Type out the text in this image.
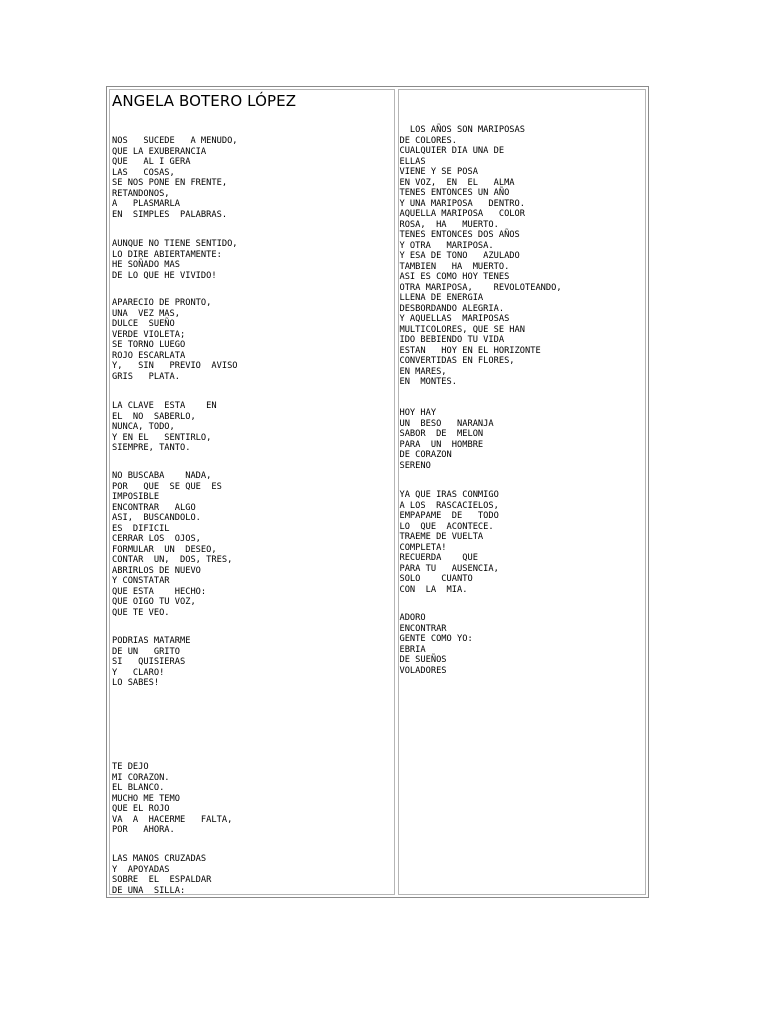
ANGELA BOTERO LÓPEZ
NOS   SUCEDE   A MENUDO,
QUE LA EXUBERANCIA
QUE   AL I GERA
LAS   COSAS,
SE NOS PONE EN FRENTE,
RETANDONOS,
A   PLASMARLA
EN  SIMPLES  PALABRAS.
AUNQUE NO TIENE SENTIDO,
LO DIRE ABIERTAMENTE:
HE SOÑADO MAS
DE LO QUE HE VIVIDO!
APARECIO DE PRONTO,
UNA  VEZ MAS,
DULCE  SUEÑO
VERDE VIOLETA;
SE TORNO LUEGO
ROJO ESCARLATA
Y,   SIN   PREVIO  AVISO
GRIS   PLATA.
LA CLAVE  ESTA    EN
EL  NO  SABERLO,
NUNCA, TODO,
Y EN EL   SENTIRLO,
SIEMPRE, TANTO.
NO BUSCABA    NADA,
POR   QUE  SE QUE  ES
IMPOSIBLE
ENCONTRAR   ALGO
ASI,  BUSCANDOLO.
ES  DIFICIL
CERRAR LOS  OJOS,
FORMULAR  UN  DESEO,
CONTAR  UN,  DOS, TRES,
ABRIRLOS DE NUEVO
Y CONSTATAR
QUE ESTA    HECHO:
QUE OIGO TU VOZ,
QUE TE VEO.
PODRIAS MATARME
DE UN   GRITO
SI   QUISIERAS
Y   CLARO!
LO SABES!
TE DEJO
MI CORAZON.
EL BLANCO.
MUCHO ME TEMO
QUE EL ROJO
VA  A  HACERME   FALTA,
POR   AHORA.
LAS MANOS CRUZADAS
Y  APOYADAS
SOBRE  EL  ESPALDAR
DE UNA  SILLA:
LOS AÑOS SON MARIPOSAS
DE COLORES.
CUALQUIER DIA UNA DE
ELLAS
VIENE Y SE POSA
EN VOZ,  EN  EL   ALMA
TENES ENTONCES UN AÑO
Y UNA MARIPOSA   DENTRO.
AQUELLA MARIPOSA   COLOR
ROSA,  HA   MUERTO.
TENES ENTONCES DOS AÑOS
Y OTRA   MARIPOSA.
Y ESA DE TONO   AZULADO
TAMBIEN   HA  MUERTO.
ASI ES COMO HOY TENES
OTRA MARIPOSA,    REVOLOTEANDO,
LLENA DE ENERGIA
DESBORDANDO ALEGRIA.
Y AQUELLAS  MARIPOSAS
MULTICOLORES, QUE SE HAN
IDO BEBIENDO TU VIDA
ESTAN   HOY EN EL HORIZONTE
CONVERTIDAS EN FLORES,
EN MARES,
EN  MONTES.
HOY HAY
UN  BESO   NARANJA
SABOR  DE  MELON
PARA  UN  HOMBRE
DE CORAZON
SERENO
YA QUE IRAS CONMIGO
A LOS  RASCACIELOS,
EMPAPAME  DE   TODO
LO  QUE  ACONTECE.
TRAEME DE VUELTA
COMPLETA!
RECUERDA    QUE
PARA TU   AUSENCIA,
SOLO    CUANTO
CON  LA  MIA.
ADORO
ENCONTRAR
GENTE COMO YO:
EBRIA
DE SUEÑOS
VOLADORES
